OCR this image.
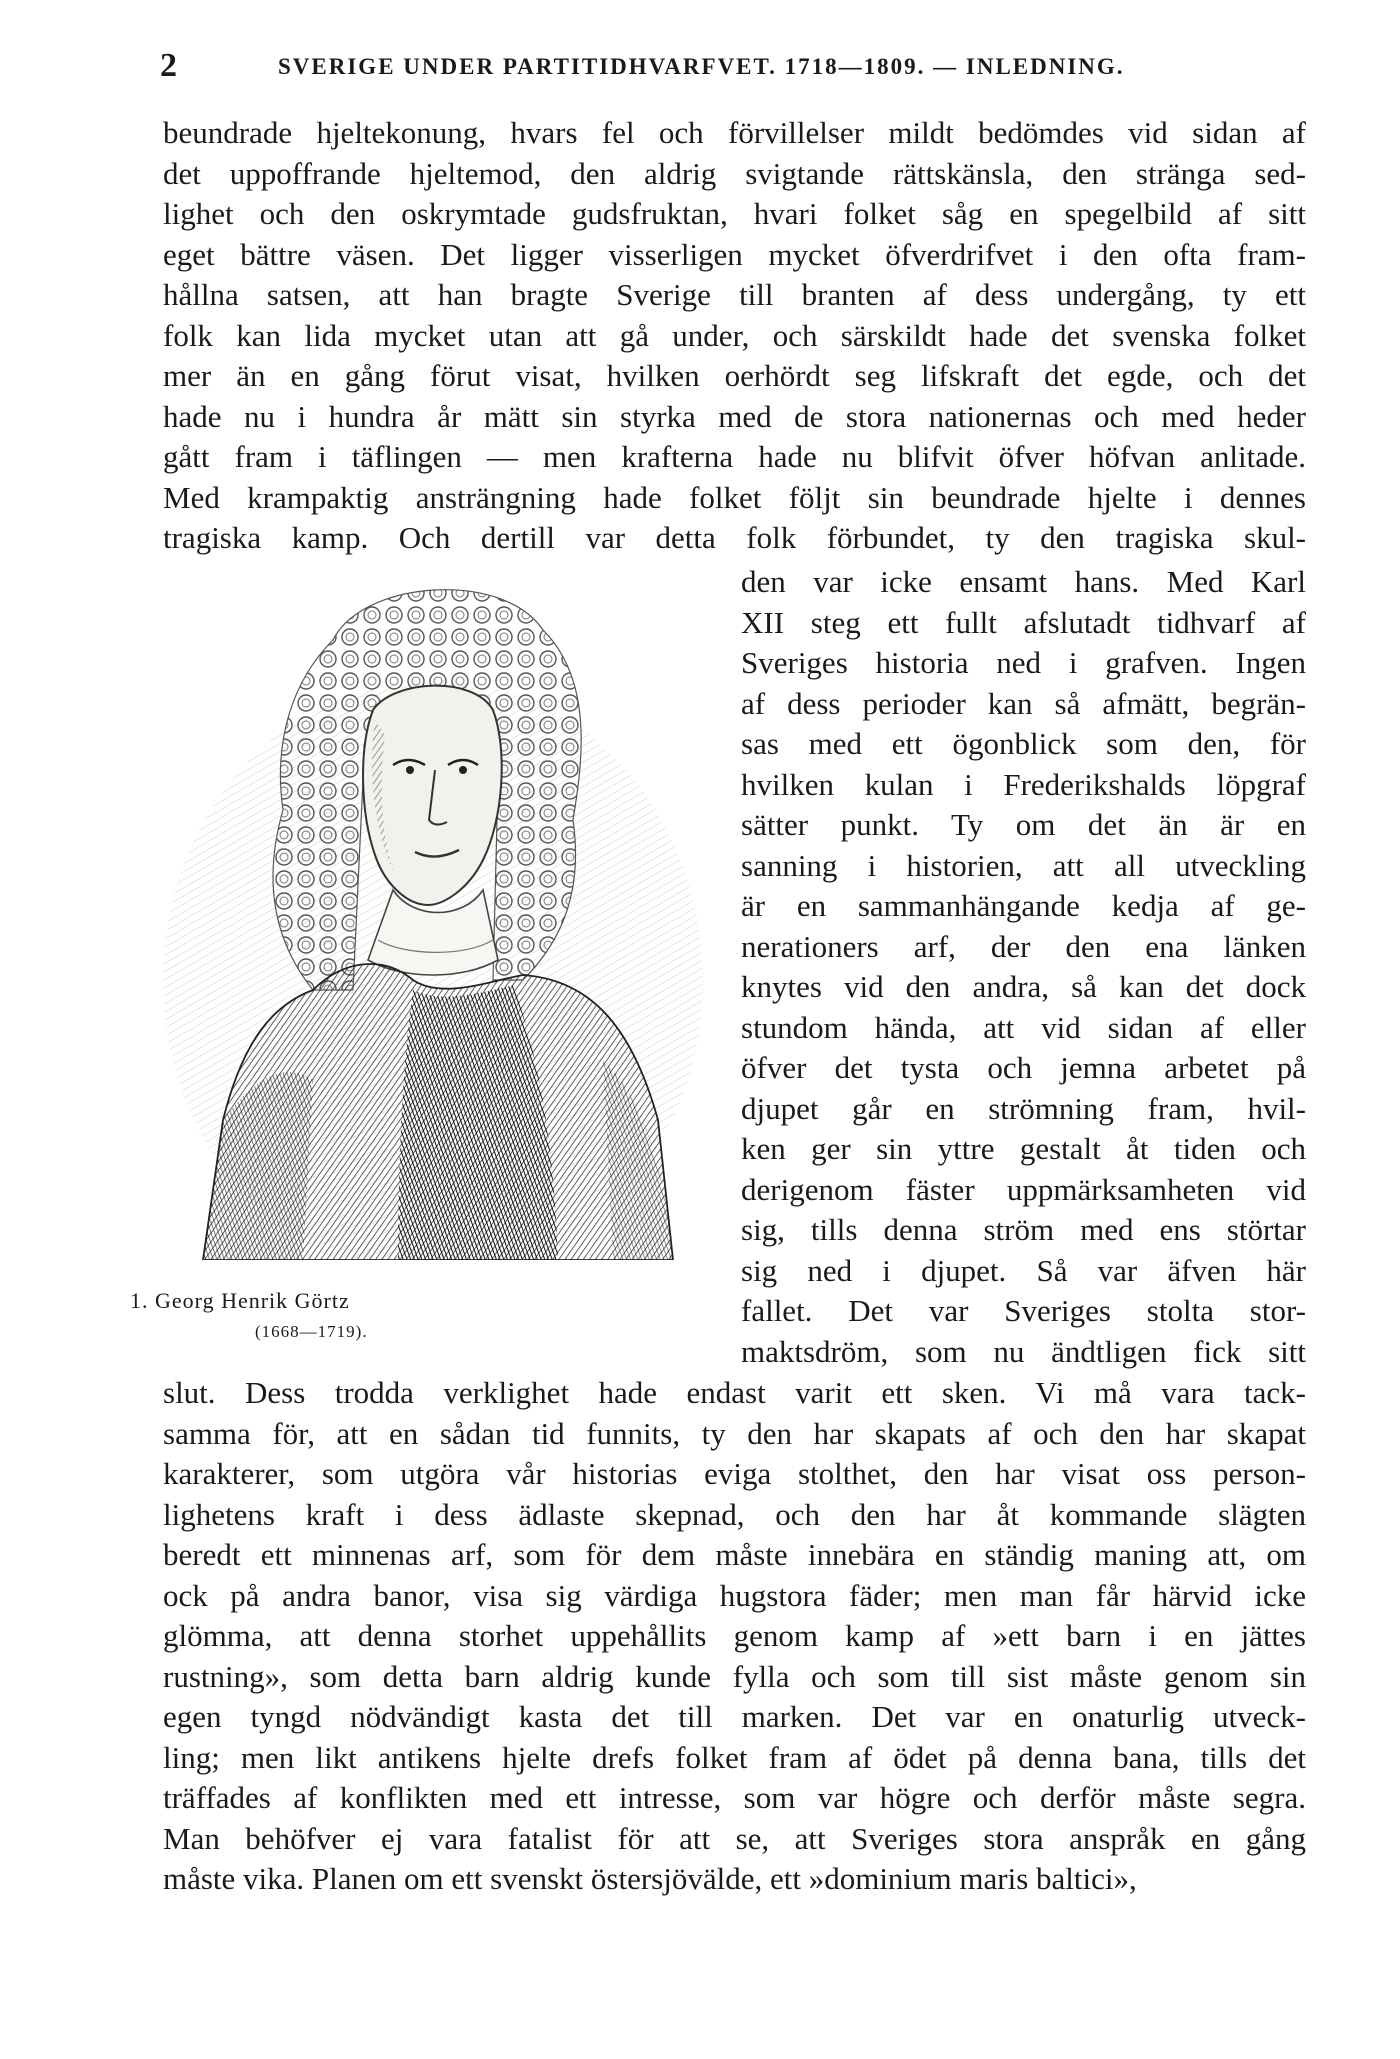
2	SVERIGE UNDER PARTITIDHVARFVET. 1718—1809. — INLEDNING.
beundrade hjeltekonung, hvars fel och förvillelser mildt bedömdes vid sidan af
det uppoffrande hjeltemod, den aldrig svigtande rättskänsla, den stränga sed-
lighet och den oskrymtade gudsfruktan, hvari folket såg en spegelbild af sitt
eget bättre väsen. Det ligger visserligen mycket öfverdrifvet i den ofta fram-
hållna satsen, att han bragte Sverige till branten af dess undergång, ty ett
folk kan lida mycket utan att gå under, och särskildt hade det svenska folket
mer än en gång förut visat, hvilken oerhördt seg lifskraft det egde, och det
hade nu i hundra år mätt sin styrka med de stora nationernas och med heder
gått fram i täflingen — men krafterna hade nu blifvit öfver höfvan anlitade.
Med krampaktig ansträngning hade folket följt sin beundrade hjelte i dennes
tragiska kamp. Och dertill var detta folk förbundet, ty den tragiska skul-
1. Georg Henrik Görtz
(1668—1719).
den var icke ensamt hans. Med Karl
XII steg ett fullt afslutadt tidhvarf af
Sveriges historia ned i grafven. Ingen
af dess perioder kan så afmätt, begrän-
sas med ett ögonblick som den, för
hvilken kulan i Frederikshalds löpgraf
sätter punkt. Ty om det än är en
sanning i historien, att all utveckling
är en sammanhängande kedja af ge-
nerationers arf, der den ena länken
knytes vid den andra, så kan det dock
stundom hända, att vid sidan af eller
öfver det tysta och jemna arbetet på
djupet går en strömning fram, hvil-
ken ger sin yttre gestalt åt tiden och
derigenom fäster uppmärksamheten vid
sig, tills denna ström med ens störtar
sig ned i djupet. Så var äfven här
fallet. Det var Sveriges stolta stor-
maktsdröm, som nu ändtligen fick sitt
slut. Dess trodda verklighet hade endast varit ett sken. Vi må vara tack-
samma för, att en sådan tid funnits, ty den har skapats af och den har skapat
karakterer, som utgöra vår historias eviga stolthet, den har visat oss person-
lighetens kraft i dess ädlaste skepnad, och den har åt kommande slägten
beredt ett minnenas arf, som för dem måste innebära en ständig maning att, om
ock på andra banor, visa sig värdiga hugstora fäder; men man får härvid icke
glömma, att denna storhet uppehållits genom kamp af »ett barn i en jättes
rustning», som detta barn aldrig kunde fylla och som till sist måste genom sin
egen tyngd nödvändigt kasta det till marken. Det var en onaturlig utveck-
ling; men likt antikens hjelte drefs folket fram af ödet på denna bana, tills det
träffades af konflikten med ett intresse, som var högre och derför måste segra.
Man behöfver ej vara fatalist för att se, att Sveriges stora anspråk en gång
måste vika. Planen om ett svenskt östersjövälde, ett »dominium maris baltici»,
